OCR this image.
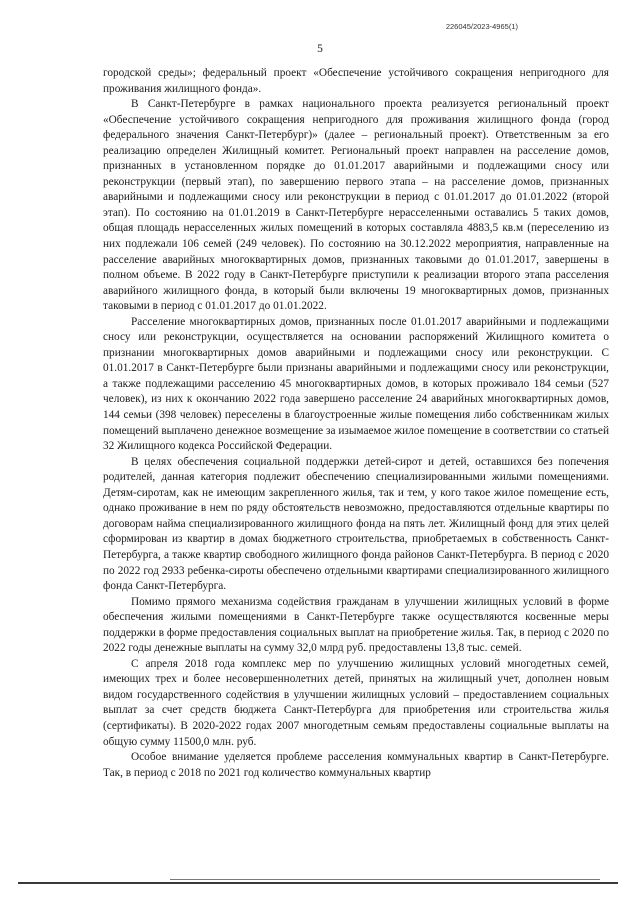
226045/2023-4965(1)
5

городской среды»; федеральный проект «Обеспечение устойчивого сокращения непригодного для проживания жилищного фонда».

В Санкт-Петербурге в рамках национального проекта реализуется региональный проект «Обеспечение устойчивого сокращения непригодного для проживания жилищного фонда (город федерального значения Санкт-Петербург)» (далее – региональный проект). Ответственным за его реализацию определен Жилищный комитет. Региональный проект направлен на расселение домов, признанных в установленном порядке до 01.01.2017 аварийными и подлежащими сносу или реконструкции (первый этап), по завершению первого этапа – на расселение домов, признанных аварийными и подлежащими сносу или реконструкции в период с 01.01.2017 до 01.01.2022 (второй этап). По состоянию на 01.01.2019 в Санкт-Петербурге нерасселенными оставались 5 таких домов, общая площадь нерасселенных жилых помещений в которых составляла 4883,5 кв.м (переселению из них подлежали 106 семей (249 человек). По состоянию на 30.12.2022 мероприятия, направленные на расселение аварийных многоквартирных домов, признанных таковыми до 01.01.2017, завершены в полном объеме. В 2022 году в Санкт-Петербурге приступили к реализации второго этапа расселения аварийного жилищного фонда, в который были включены 19 многоквартирных домов, признанных таковыми в период с 01.01.2017 до 01.01.2022.

Расселение многоквартирных домов, признанных после 01.01.2017 аварийными и подлежащими сносу или реконструкции, осуществляется на основании распоряжений Жилищного комитета о признании многоквартирных домов аварийными и подлежащими сносу или реконструкции. С 01.01.2017 в Санкт-Петербурге были признаны аварийными и подлежащими сносу или реконструкции, а также подлежащими расселению 45 многоквартирных домов, в которых проживало 184 семьи (527 человек), из них к окончанию 2022 года завершено расселение 24 аварийных многоквартирных домов, 144 семьи (398 человек) переселены в благоустроенные жилые помещения либо собственникам жилых помещений выплачено денежное возмещение за изымаемое жилое помещение в соответствии со статьей 32 Жилищного кодекса Российской Федерации.

В целях обеспечения социальной поддержки детей-сирот и детей, оставшихся без попечения родителей, данная категория подлежит обеспечению специализированными жилыми помещениями. Детям-сиротам, как не имеющим закрепленного жилья, так и тем, у кого такое жилое помещение есть, однако проживание в нем по ряду обстоятельств невозможно, предоставляются отдельные квартиры по договорам найма специализированного жилищного фонда на пять лет. Жилищный фонд для этих целей сформирован из квартир в домах бюджетного строительства, приобретаемых в собственность Санкт-Петербурга, а также квартир свободного жилищного фонда районов Санкт-Петербурга. В период с 2020 по 2022 год 2933 ребенка-сироты обеспечено отдельными квартирами специализированного жилищного фонда Санкт-Петербурга.

Помимо прямого механизма содействия гражданам в улучшении жилищных условий в форме обеспечения жилыми помещениями в Санкт-Петербурге также осуществляются косвенные меры поддержки в форме предоставления социальных выплат на приобретение жилья. Так, в период с 2020 по 2022 годы денежные выплаты на сумму 32,0 млрд руб. предоставлены 13,8 тыс. семей.

С апреля 2018 года комплекс мер по улучшению жилищных условий многодетных семей, имеющих трех и более несовершеннолетних детей, принятых на жилищный учет, дополнен новым видом государственного содействия в улучшении жилищных условий – предоставлением социальных выплат за счет средств бюджета Санкт-Петербурга для приобретения или строительства жилья (сертификаты). В 2020-2022 годах 2007 многодетным семьям предоставлены социальные выплаты на общую сумму 11500,0 млн. руб.

Особое внимание уделяется проблеме расселения коммунальных квартир в Санкт-Петербурге. Так, в период с 2018 по 2021 год количество коммунальных квартир
